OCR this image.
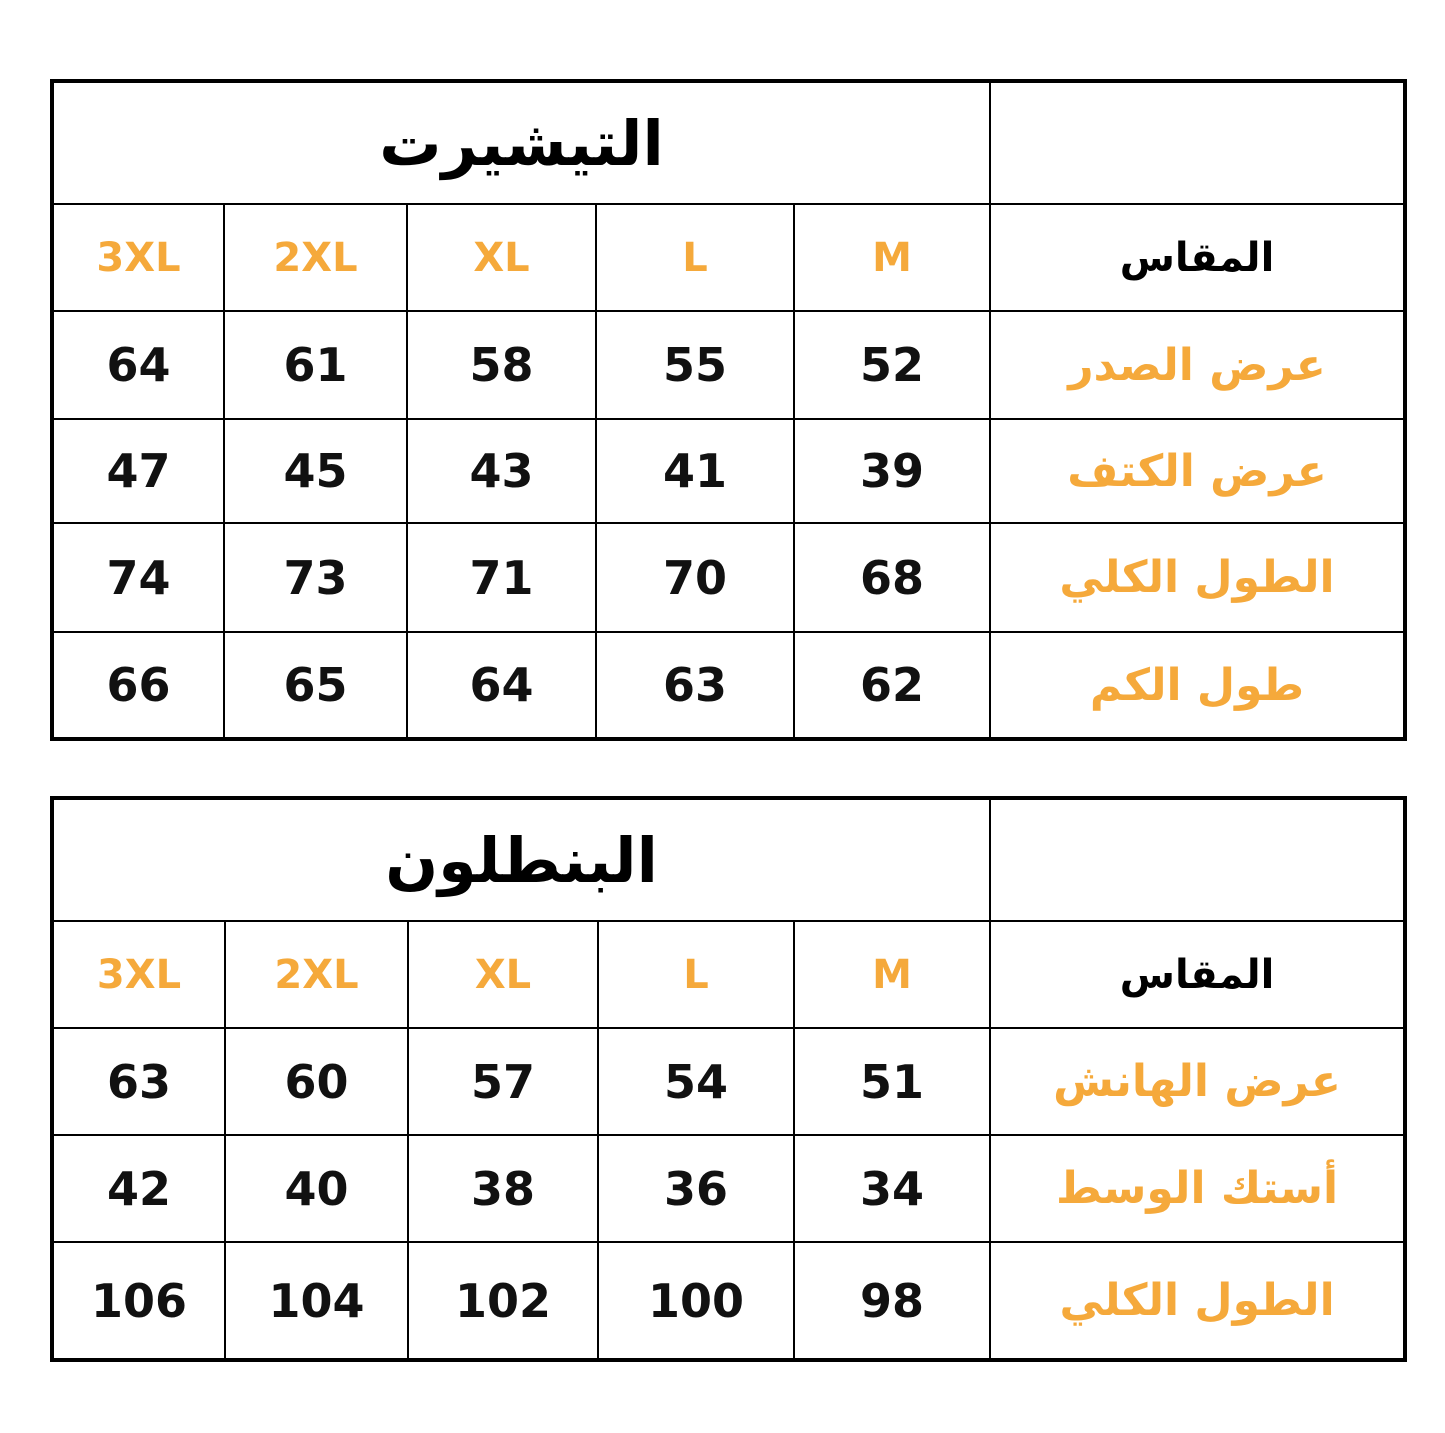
التيشيرت					
3XL	2XL	XL	L	M	المقاس
64	61	58	55	52	عرض الصدر
47	45	43	41	39	عرض الكتف
74	73	71	70	68	الطول الكلي
66	65	64	63	62	طول الكم
البنطلون					
3XL	2XL	XL	L	M	المقاس
63	60	57	54	51	عرض الهانش
42	40	38	36	34	أستك الوسط
106	104	102	100	98	الطول الكلي
